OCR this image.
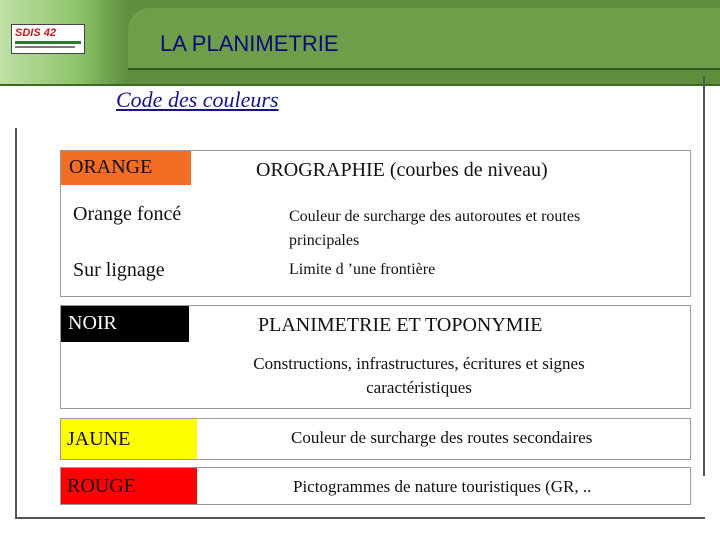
SDIS 42	LA PLANIMETRIE
Code des couleurs
ORANGE	OROGRAPHIE (courbes de niveau)
Orange foncé	Couleur de surcharge des autoroutes et routes principales
Sur lignage	Limite d ’une frontière
NOIR	PLANIMETRIE ET TOPONYMIE
Constructions, infrastructures, écritures et signes caractéristiques
JAUNE	Couleur de surcharge des routes secondaires
ROUGE	Pictogrammes de nature touristiques (GR, ..
